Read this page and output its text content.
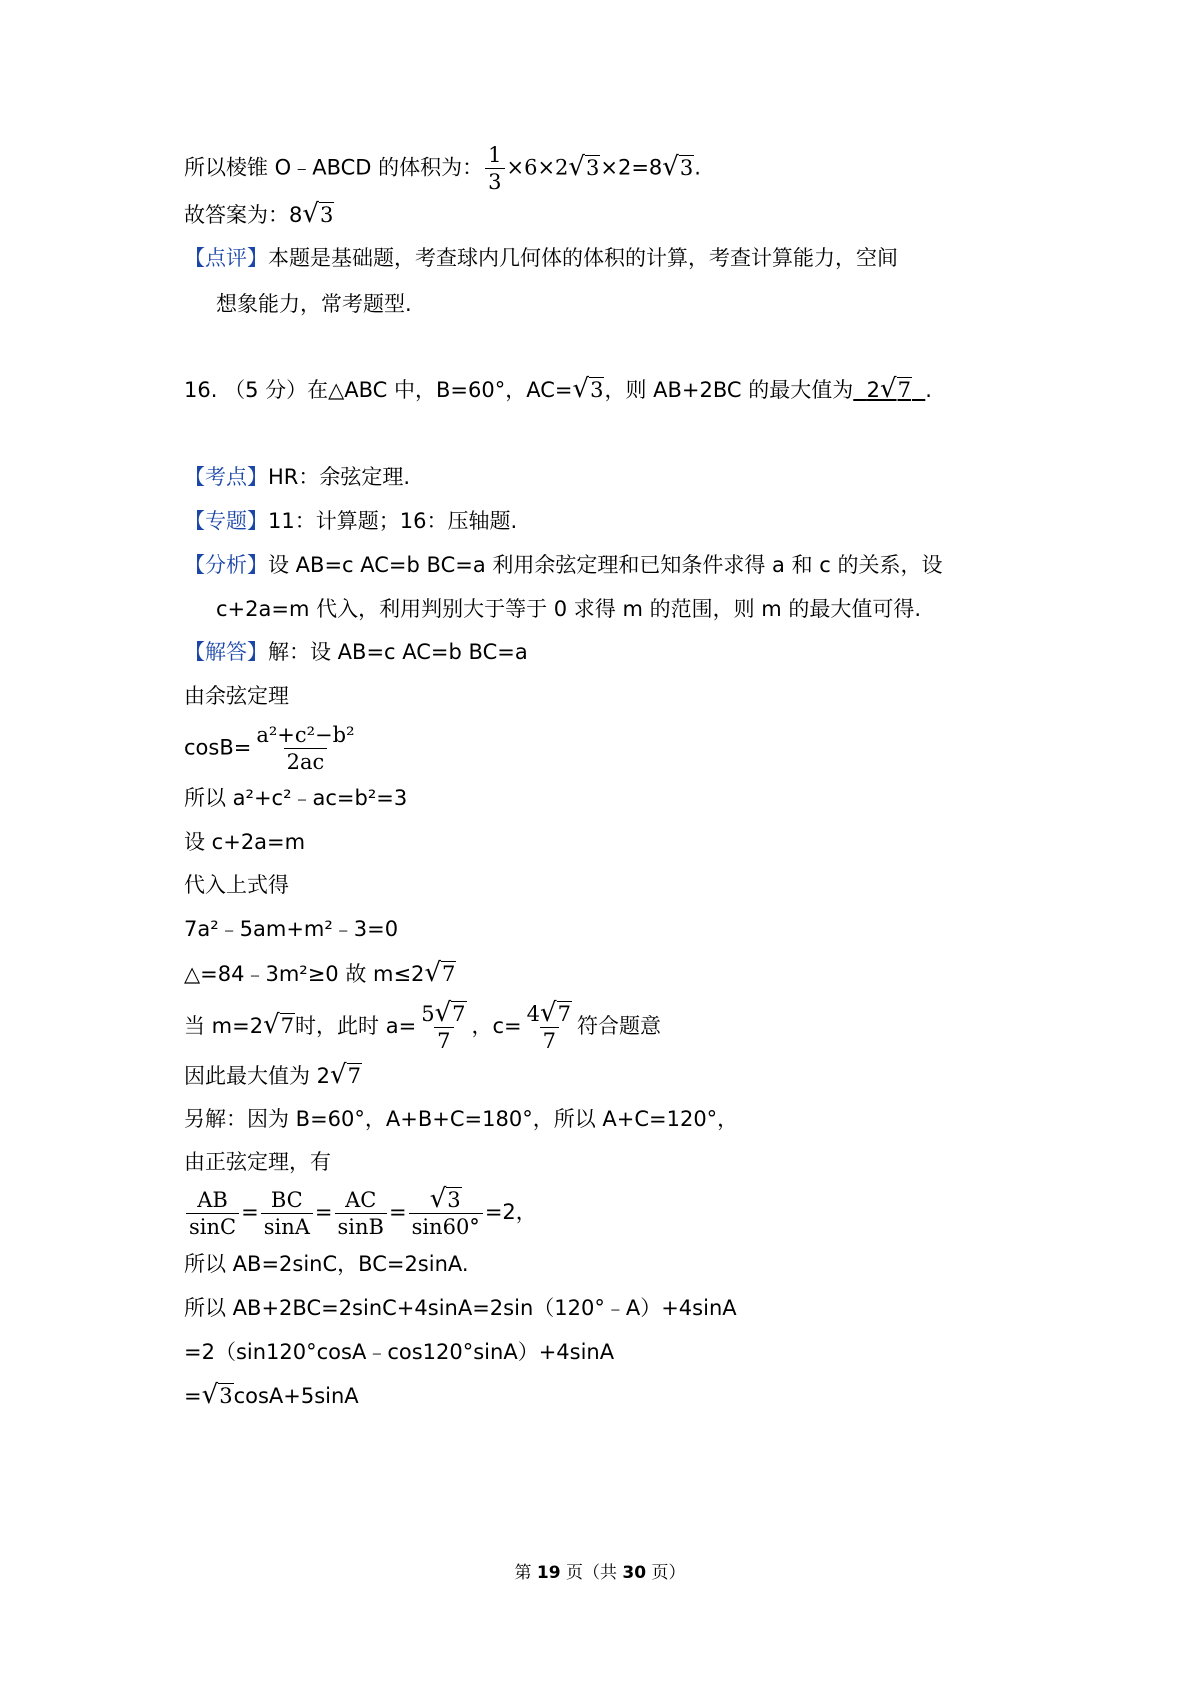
所以棱锥 O﹣ABCD 的体积为： $\frac{1}{3} \times 6\times 2√3\times 2=8√3$.
故答案为：8√3
【点评】本题是基础题，考查球内几何体的体积的计算，考查计算能力，空间
想象能力，常考题型.
16. （5 分）在△ABC 中，B=60°，AC=√3，则 AB+2BC 的最大值为 2√7 .
【考点】HR：余弦定理.
【专题】11：计算题；16：压轴题.
【分析】设 AB=c AC=b BC=a 利用余弦定理和已知条件求得 a 和 c 的关系，设
c+2a=m 代入，利用判别大于等于 0 求得 m 的范围，则 m 的最大值可得.
【解答】解：设 AB=c AC=b BC=a
由余弦定理
$\cos B= \frac{\text{a²+c²−b²}}{2ac}$
所以 a²+c²﹣ac=b²=3
设 c+2a=m
代入上式得
7a²﹣5am+m²﹣3=0
△=84﹣3m²≥0 故 m≤2√7
当 m=2√7时，此时 $a= \frac{5√7}{7}$ ，$c= \frac{4√7}{7}$ 符合题意
因此最大值为 2√7
另解：因为 B=60°，A+B+C=180°，所以 A+C=120°，
由正弦定理，有
$\frac{AB}{\sin C} = \frac{BC}{\sin A} = \frac{AC}{\sin B} = \frac{√3}{\sin 60^\circ} =2$，
所以 AB=2sinC，BC=2sinA.
所以 AB+2BC=2sinC+4sinA=2sin（120°﹣A）+4sinA
=2（sin120°cosA﹣cos120°sinA）+4sinA
=√3cosA+5sinA
第 19 页（共 30 页）
